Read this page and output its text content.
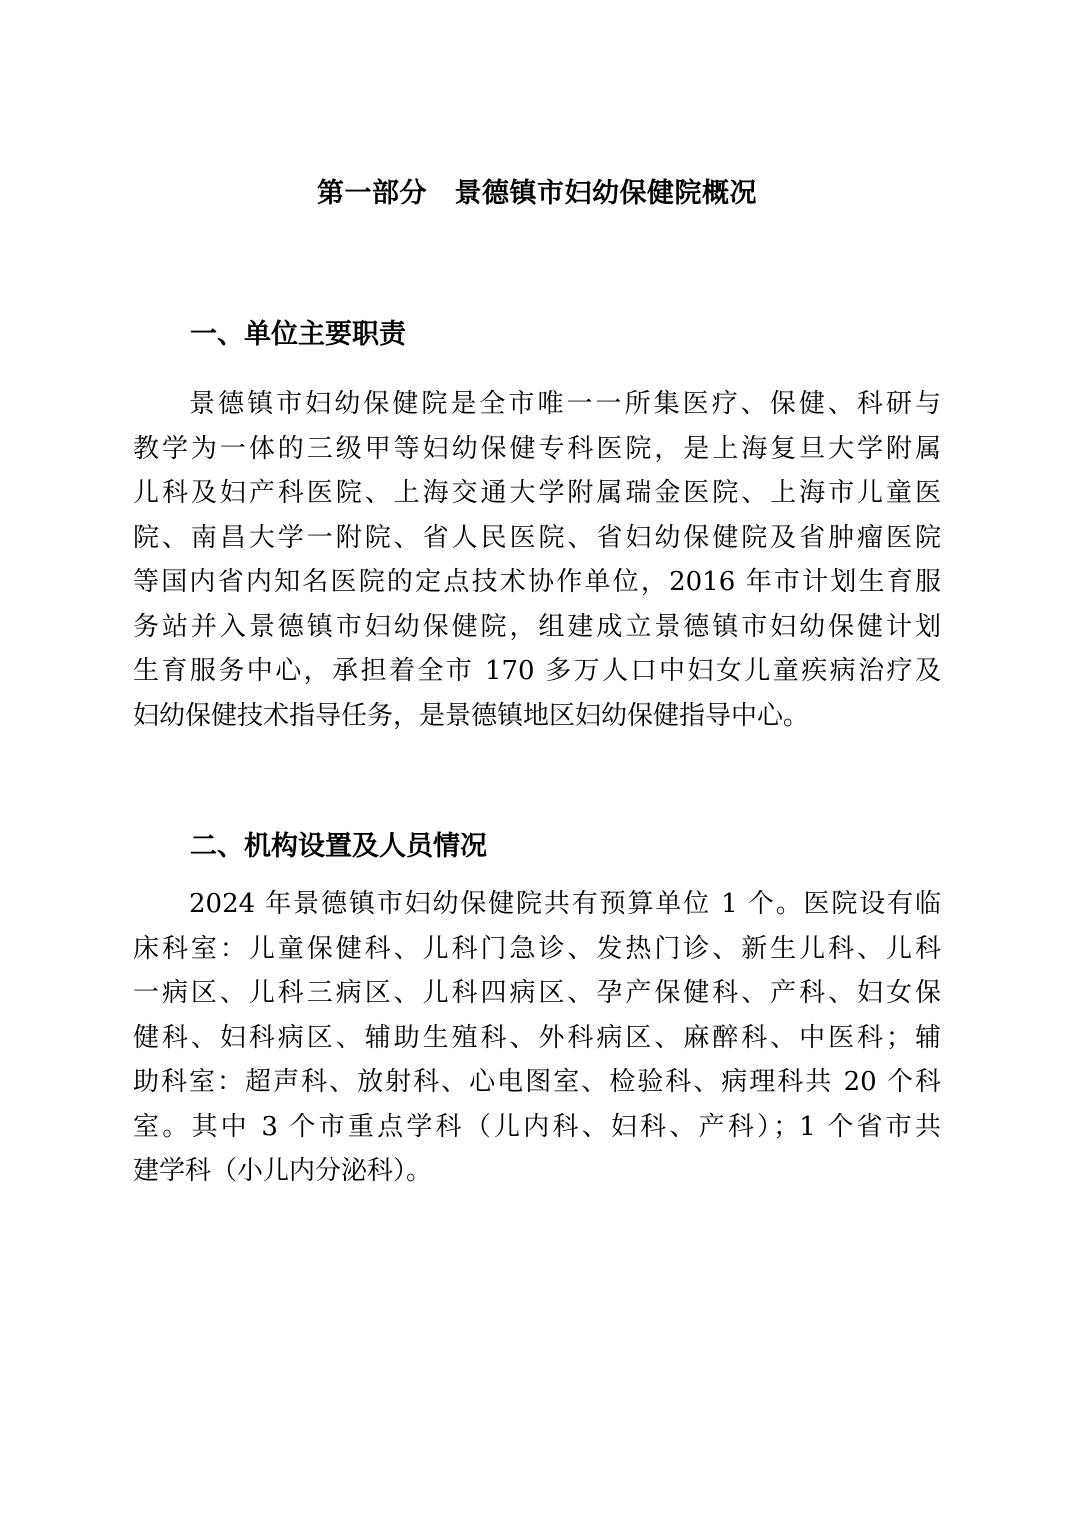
第一部分　景德镇市妇幼保健院概况
一、单位主要职责
景德镇市妇幼保健院是全市唯一一所集医疗、保健、科研与
教学为一体的三级甲等妇幼保健专科医院，是上海复旦大学附属
儿科及妇产科医院、上海交通大学附属瑞金医院、上海市儿童医
院、南昌大学一附院、省人民医院、省妇幼保健院及省肿瘤医院
等国内省内知名医院的定点技术协作单位，2016 年市计划生育服
务站并入景德镇市妇幼保健院，组建成立景德镇市妇幼保健计划
生育服务中心，承担着全市 170 多万人口中妇女儿童疾病治疗及
妇幼保健技术指导任务，是景德镇地区妇幼保健指导中心。
二、机构设置及人员情况
2024 年景德镇市妇幼保健院共有预算单位 1 个。医院设有临
床科室：儿童保健科、儿科门急诊、发热门诊、新生儿科、儿科
一病区、儿科三病区、儿科四病区、孕产保健科、产科、妇女保
健科、妇科病区、辅助生殖科、外科病区、麻醉科、中医科；辅
助科室：超声科、放射科、心电图室、检验科、病理科共 20 个科
室。其中 3 个市重点学科（儿内科、妇科、产科）；1 个省市共
建学科（小儿内分泌科）。
